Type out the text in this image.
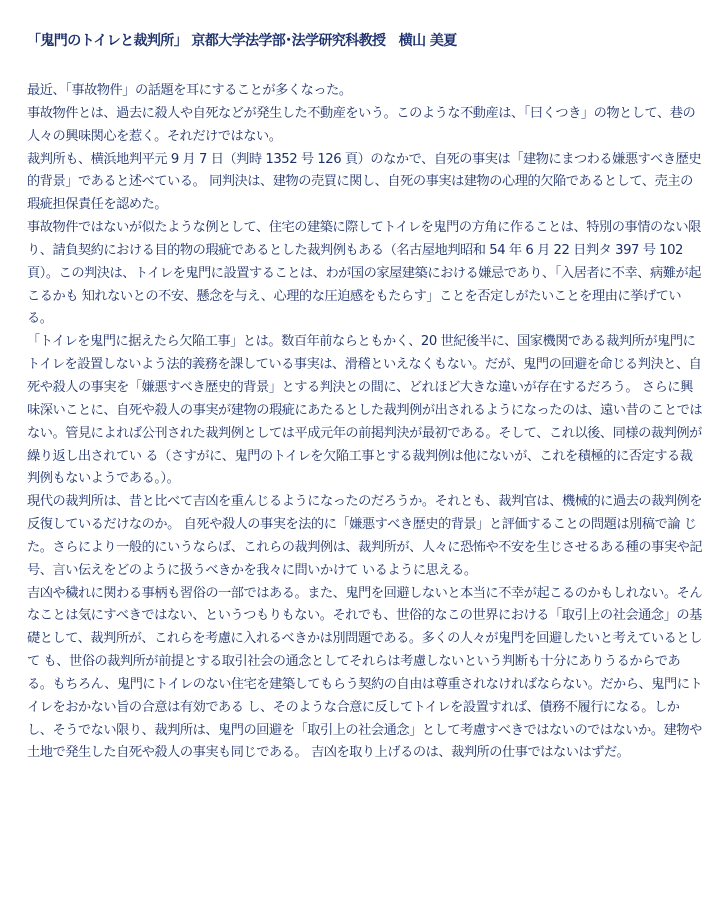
「鬼門のトイレと裁判所」 京都大学法学部･法学研究科教授　横山 美夏

最近、「事故物件」の話題を耳にすることが多くなった。

事故物件とは、過去に殺人や自死などが発生した不動産をいう。このような不動産は、「曰くつき」の物として、巷の人々の興味関心を惹く。それだけではない。

裁判所も、横浜地判平元 9 月 7 日（判時 1352 号 126 頁）のなかで、自死の事実は「建物にまつわる嫌悪すべき歴史的背景」であると述べている。 同判決は、建物の売買に関し、自死の事実は建物の心理的欠陥であるとして、売主の瑕疵担保責任を認めた。

事故物件ではないが似たような例として、住宅の建築に際してトイレを鬼門の方角に作ることは、特別の事情のない限り、請負契約における目的物の瑕疵であるとした裁判例もある（名古屋地判昭和 54 年 6 月 22 日判タ 397 号 102 頁）。この判決は、トイレを鬼門に設置することは、わが国の家屋建築における嫌忌であり、「入居者に不幸、病難が起こるかも 知れないとの不安、懸念を与え、心理的な圧迫感をもたらす」ことを否定しがたいことを理由に挙げている。

「トイレを鬼門に据えたら欠陥工事」とは。数百年前ならともかく、20 世紀後半に、国家機関である裁判所が鬼門にトイレを設置しないよう法的義務を課している事実は、滑稽といえなくもない。だが、鬼門の回避を命じる判決と、自死や殺人の事実を「嫌悪すべき歴史的背景」とする判決との間に、どれほど大きな違いが存在するだろう。 さらに興味深いことに、自死や殺人の事実が建物の瑕疵にあたるとした裁判例が出されるようになったのは、遠い昔のことではない。管見によれば公刊された裁判例としては平成元年の前掲判決が最初である。そして、これ以後、同様の裁判例が繰り返し出されてい る（さすがに、鬼門のトイレを欠陥工事とする裁判例は他にないが、これを積極的に否定する裁判例もないようである。）。

現代の裁判所は、昔と比べて吉凶を重んじるようになったのだろうか。それとも、裁判官は、機械的に過去の裁判例を反復しているだけなのか。 自死や殺人の事実を法的に「嫌悪すべき歴史的背景」と評価することの問題は別稿で論 じた。さらにより一般的にいうならば、これらの裁判例は、裁判所が、人々に恐怖や不安を生じさせるある種の事実や記号、言い伝えをどのように扱うべきかを我々に問いかけて いるように思える。

吉凶や穢れに関わる事柄も習俗の一部ではある。また、鬼門を回避しないと本当に不幸が起こるのかもしれない。そんなことは気にすべきではない、というつもりもない。それでも、世俗的なこの世界における「取引上の社会通念」の基礎として、裁判所が、これらを考慮に入れるべきかは別問題である。多くの人々が鬼門を回避したいと考えているとして も、世俗の裁判所が前提とする取引社会の通念としてそれらは考慮しないという判断も十分にありうるからである。もちろん、鬼門にトイレのない住宅を建築してもらう契約の自由は尊重されなければならない。だから、鬼門にトイレをおかない旨の合意は有効である し、そのような合意に反してトイレを設置すれば、債務不履行になる。しかし、そうでない限り、裁判所は、鬼門の回避を「取引上の社会通念」として考慮すべきではないのではないか。建物や土地で発生した自死や殺人の事実も同じである。 吉凶を取り上げるのは、裁判所の仕事ではないはずだ。
